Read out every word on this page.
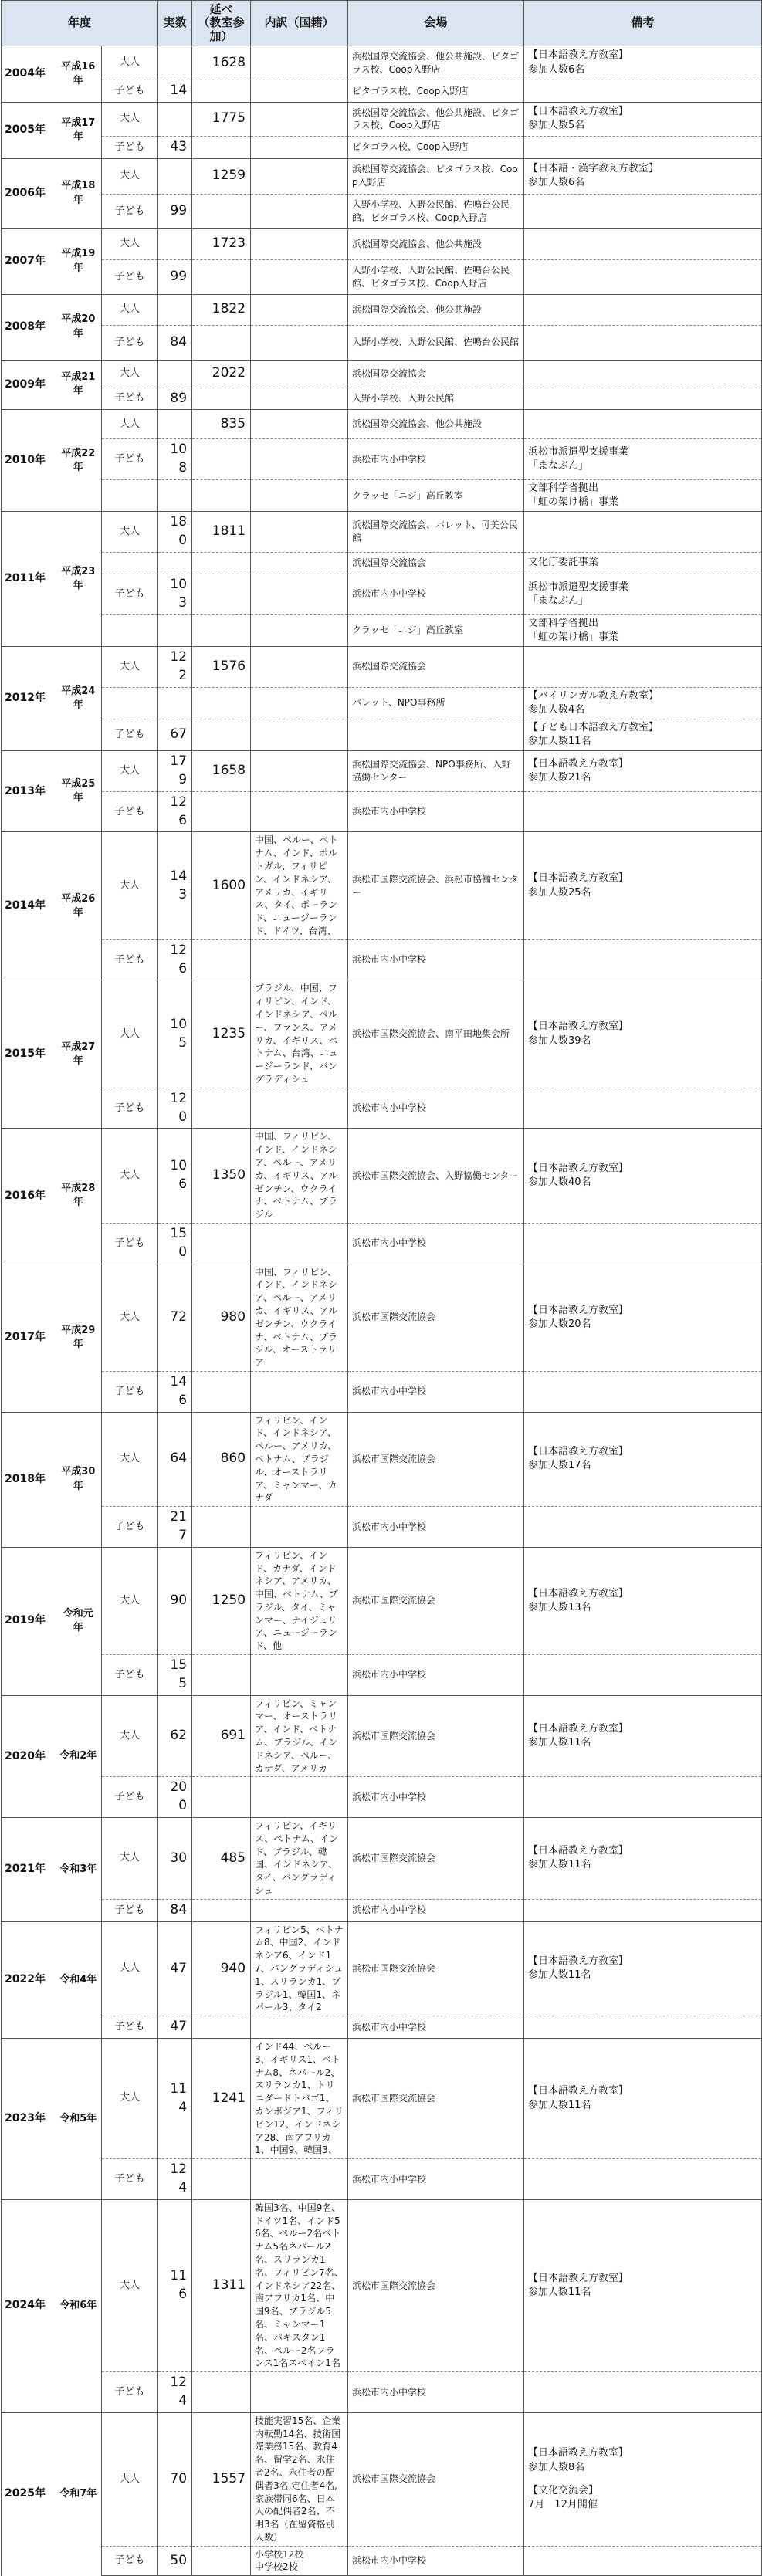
年度			実数	延べ
（教室参加）	内訳（国籍）	会場	備考
2004年	平成16年	大人		1628		浜松国際交流協会、他公共施設、ピタゴラス校、Coop入野店	【日本語教え方教室】
参加人数6名

		子ども	14			ピタゴラス校、Coop入野店	
2005年	平成17年	大人		1775		浜松国際交流協会、他公共施設、ピタゴラス校、Coop入野店	【日本語教え方教室】
参加人数5名

		子ども	43			ピタゴラス校、Coop入野店	
2006年	平成18年	大人		1259		浜松国際交流協会、ピタゴラス校、Coop入野店	【日本語・漢字教え方教室】
参加人数6名

		子ども	99			入野小学校、入野公民館、佐鳴台公民館、ピタゴラス校、Coop入野店	
2007年	平成19年	大人		1723		浜松国際交流協会、他公共施設	
		子ども	99			入野小学校、入野公民館、佐鳴台公民館、ピタゴラス校、Coop入野店	
2008年	平成20年	大人		1822		浜松国際交流協会、他公共施設	
		子ども	84			入野小学校、入野公民館、佐鳴台公民館	
2009年	平成21年	大人		2022		浜松国際交流協会	
		子ども	89			入野小学校、入野公民館	
2010年	平成22年	大人		835		浜松国際交流協会、他公共施設	
		子ども	108			浜松市内小中学校	浜松市派遣型支援事業
「まなぶん」

						クラッセ「ニジ」高丘教室	文部科学省拠出
「虹の架け橋」事業

2011年	平成23年	大人	180	1811		浜松国際交流協会、パレット、可美公民館	
						浜松国際交流協会	文化庁委託事業
		子ども	103			浜松市内小中学校	浜松市派遣型支援事業
「まなぶん」

						クラッセ「ニジ」高丘教室	文部科学省拠出
「虹の架け橋」事業

2012年	平成24年	大人	122	1576		浜松国際交流協会	
						パレット、NPO事務所	【バイリンガル教え方教室】
参加人数4名

		子ども	67				【子ども日本語教え方教室】
参加人数11名

2013年	平成25年	大人	179	1658		浜松国際交流協会、NPO事務所、入野協働センター	【日本語教え方教室】
参加人数21名

		子ども	126			浜松市内小中学校	
2014年	平成26年	大人	143	1600	中国、ペルー、ベトナム、インド、ポルトガル、フィリピン、インドネシア、アメリカ、イギリス、タイ、ポーランド、ニュージーランド、ドイツ、台湾、	浜松市国際交流協会、浜松市協働センター	【日本語教え方教室】
参加人数25名

		子ども	126			浜松市内小中学校	
2015年	平成27年	大人	105	1235	ブラジル、中国、フィリピン、インド、インドネシア、ペルー、フランス、アメリカ、イギリス、ベトナム、台湾、ニュージーランド、バングラディシュ	浜松市国際交流協会、南平田地集会所	【日本語教え方教室】
参加人数39名

		子ども	120			浜松市内小中学校	
2016年	平成28年	大人	106	1350	中国、フィリピン、インド、インドネシア、ペルー、アメリカ、イギリス、アルゼンチン、ウクライナ、ベトナム、ブラジル	浜松市国際交流協会、入野協働センター	【日本語教え方教室】
参加人数40名

		子ども	150			浜松市内小中学校	
2017年	平成29年	大人	72	980	中国、フィリピン、インド、インドネシア、ペルー、アメリカ、イギリス、アルゼンチン、ウクライナ、ベトナム、ブラジル、オーストラリア	浜松市国際交流協会	【日本語教え方教室】
参加人数20名

		子ども	146			浜松市内小中学校	
2018年	平成30年	大人	64	860	フィリピン、インド、インドネシア、ペルー、アメリカ、ベトナム、ブラジル、オーストラリア、ミャンマー、カナダ	浜松市国際交流協会	【日本語教え方教室】
参加人数17名

		子ども	217			浜松市内小中学校	
2019年	令和元年	大人	90	1250	フィリピン、インド、カナダ、インドネシア、アメリカ、中国、ベトナム、ブラジル、タイ、ミャンマー、ナイジェリア、ニュージーランド、他	浜松市国際交流協会	【日本語教え方教室】
参加人数13名

		子ども	155			浜松市内小中学校	
2020年	令和2年	大人	62	691	フィリピン、ミャンマー、オーストラリア、インド、ベトナム、ブラジル、インドネシア、ペルー、カナダ、アメリカ	浜松市国際交流協会	【日本語教え方教室】
参加人数11名

		子ども	200			浜松市内小中学校	
2021年	令和3年	大人	30	485	フィリピン、イギリス、ベトナム、インド、ブラジル、韓国、インドネシア、タイ、バングラディシュ	浜松市国際交流協会	【日本語教え方教室】
参加人数11名

		子ども	84			浜松市内小中学校	
2022年	令和4年	大人	47	940	フィリピン5、ベトナム8、中国2、インドネシア6、インド17、バングラディシュ1、スリランカ1、ブラジル1、韓国1、ネパール3、タイ2	浜松市国際交流協会	【日本語教え方教室】
参加人数11名

		子ども	47			浜松市内小中学校	
2023年	令和5年	大人	114	1241	インド44、ペルー3、イギリス1、ベトナム8、ネパール2、スリランカ1、トリニダードトバゴ1、カンボジア1、フィリピン12、インドネシア28、南アフリカ1、中国9、韓国3、	浜松市国際交流協会	【日本語教え方教室】
参加人数11名

		子ども	124			浜松市内小中学校	
2024年	令和6年	大人	116	1311	韓国3名、中国9名、ドイツ1名、インド56名、ペルー2名ベトナム5名ネパール2名、スリランカ1名、フィリピン7名、インドネシア22名、南アフリカ1名、中国9名、ブラジル5名、ミャンマー1名、パキスタン1名、ペルー2名フランス1名スペイン1名	浜松市国際交流協会	【日本語教え方教室】
参加人数11名

		子ども	124			浜松市内小中学校	
2025年	令和7年	大人	70	1557	技能実習15名、企業内転勤14名、技術国際業務15名、教育4名、留学2名、永住者2名、永住者の配偶者3名,定住者4名,家族帯同6名、日本人の配偶者2名、不明3名（在留資格別人数）	浜松市国際交流協会	【日本語教え方教室】
参加人数8名
【文化交流会】
7月　12月開催

		子ども	50		小学校12校
中学校2校	浜松市内小中学校	
